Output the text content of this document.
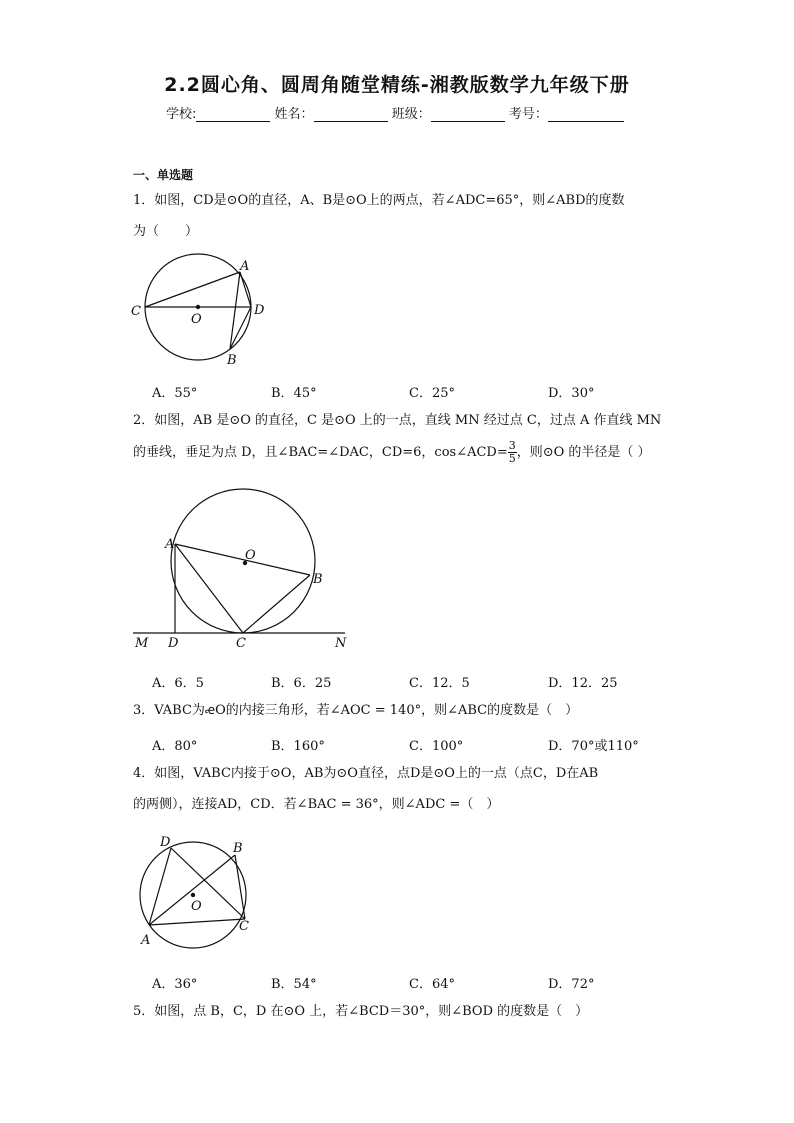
2.2圆心角、圆周角随堂精练-湘教版数学九年级下册
学校:	姓名：	班级：	考号：
一、单选题
1．如图，CD是⊙O的直径，A、B是⊙O上的两点，若∠ADC=65°，则∠ABD的度数
为（　　）
A
C
O
D
B
A．55°	B．45°	C．25°	D．30°
2．如图，AB 是⊙O 的直径，C 是⊙O 上的一点，直线 MN 经过点 C，过点 A 作直线 MN
的垂线，垂足为点 D，且∠BAC=∠DAC，CD=6，cos∠ACD= $\frac{3}{5}$ ，则⊙O 的半径是（ ）
A
O
B
M D	C	N
A．6．5	B．6．25	C．12．5	D．12．25
3．VABC为ꬴO的内接三角形，若∠AOC = 140°，则∠ABC的度数是（　）
A．80°	B．160°	C．100°	D．70°或110°
4．如图，VABC内接于⊙O，AB为⊙O直径，点D是⊙O上的一点（点C，D在AB
的两侧），连接AD，CD．若∠BAC = 36°，则∠ADC =（　）
D	B
O
A
C
A．36°	B．54°	C．64°	D．72°
5．如图，点 B，C，D 在⊙O 上，若∠BCD＝30°，则∠BOD 的度数是（　）
